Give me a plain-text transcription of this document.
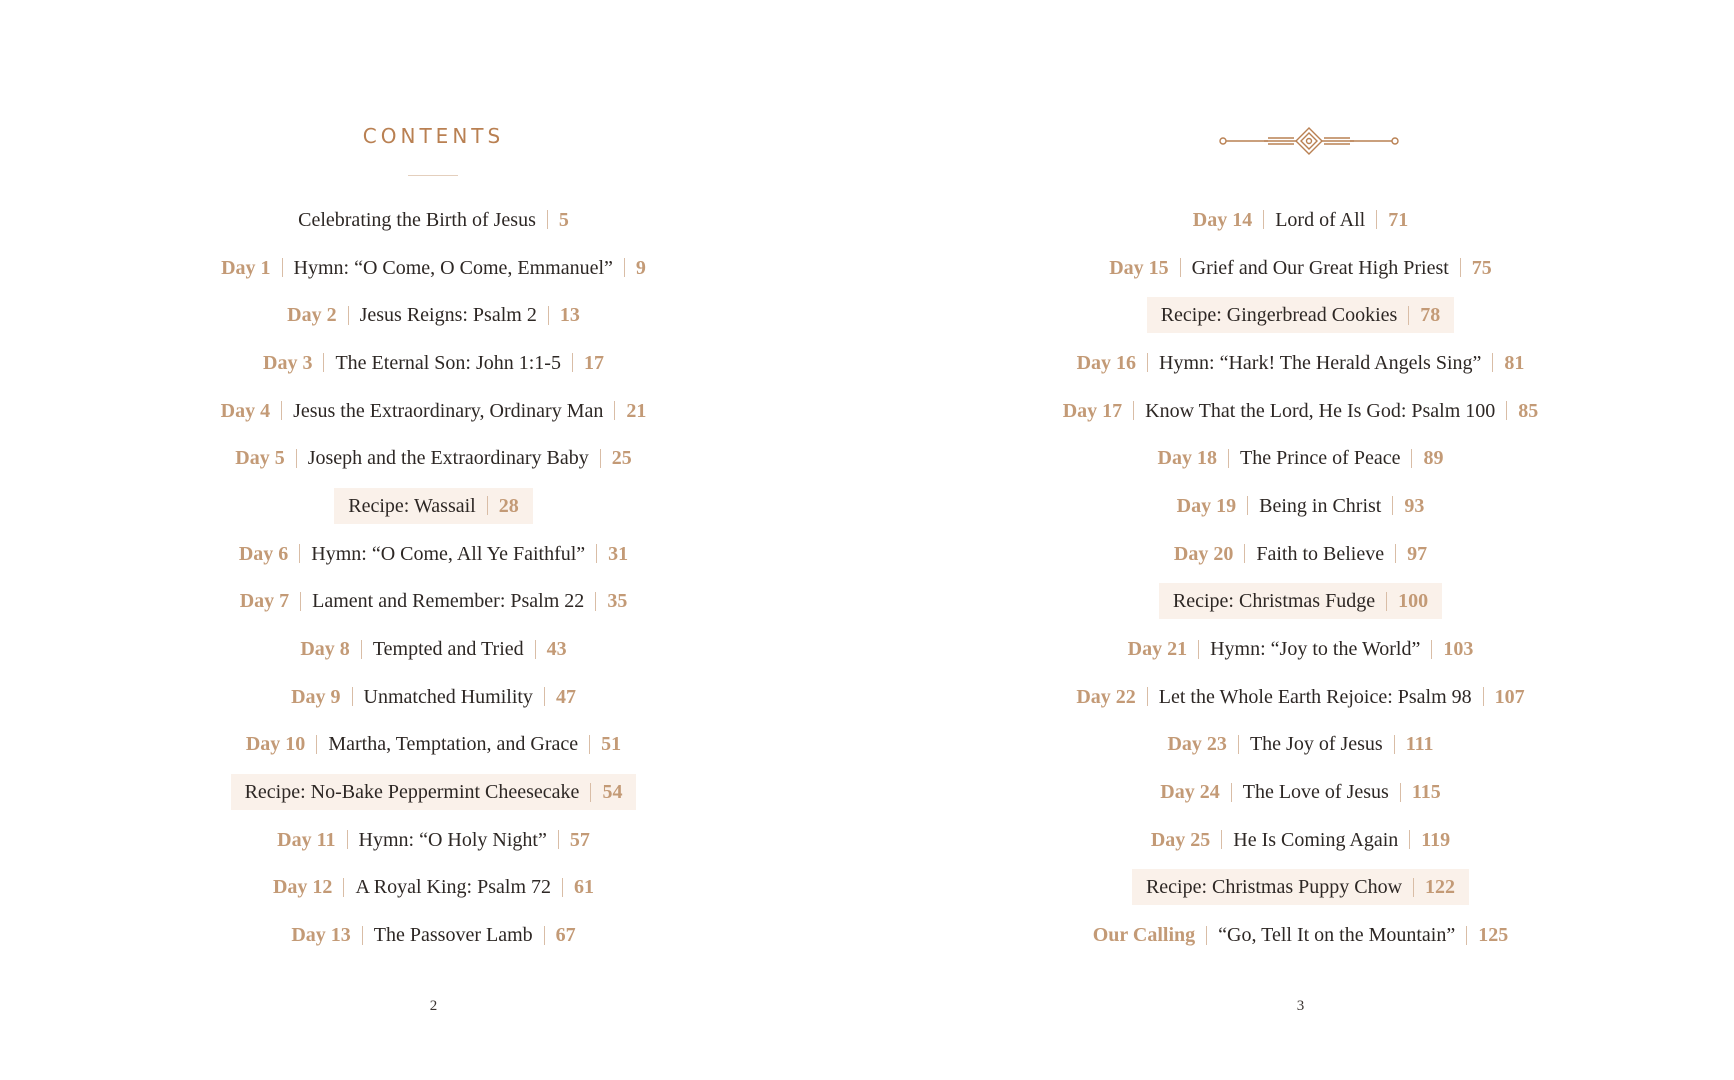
CONTENTS
Celebrating the Birth of Jesus 5
Day 1 Hymn: “O Come, O Come, Emmanuel” 9
Day 2 Jesus Reigns: Psalm 2 13
Day 3 The Eternal Son: John 1:1-5 17
Day 4 Jesus the Extraordinary, Ordinary Man 21
Day 5 Joseph and the Extraordinary Baby 25
Recipe: Wassail 28
Day 6 Hymn: “O Come, All Ye Faithful” 31
Day 7 Lament and Remember: Psalm 22 35
Day 8 Tempted and Tried 43
Day 9 Unmatched Humility 47
Day 10 Martha, Temptation, and Grace 51
Recipe: No-Bake Peppermint Cheesecake 54
Day 11 Hymn: “O Holy Night” 57
Day 12 A Royal King: Psalm 72 61
Day 13 The Passover Lamb 67
2
Day 14 Lord of All 71
Day 15 Grief and Our Great High Priest 75
Recipe: Gingerbread Cookies 78
Day 16 Hymn: “Hark! The Herald Angels Sing” 81
Day 17 Know That the Lord, He Is God: Psalm 100 85
Day 18 The Prince of Peace 89
Day 19 Being in Christ 93
Day 20 Faith to Believe 97
Recipe: Christmas Fudge 100
Day 21 Hymn: “Joy to the World” 103
Day 22 Let the Whole Earth Rejoice: Psalm 98 107
Day 23 The Joy of Jesus 111
Day 24 The Love of Jesus 115
Day 25 He Is Coming Again 119
Recipe: Christmas Puppy Chow 122
Our Calling “Go, Tell It on the Mountain” 125
3
